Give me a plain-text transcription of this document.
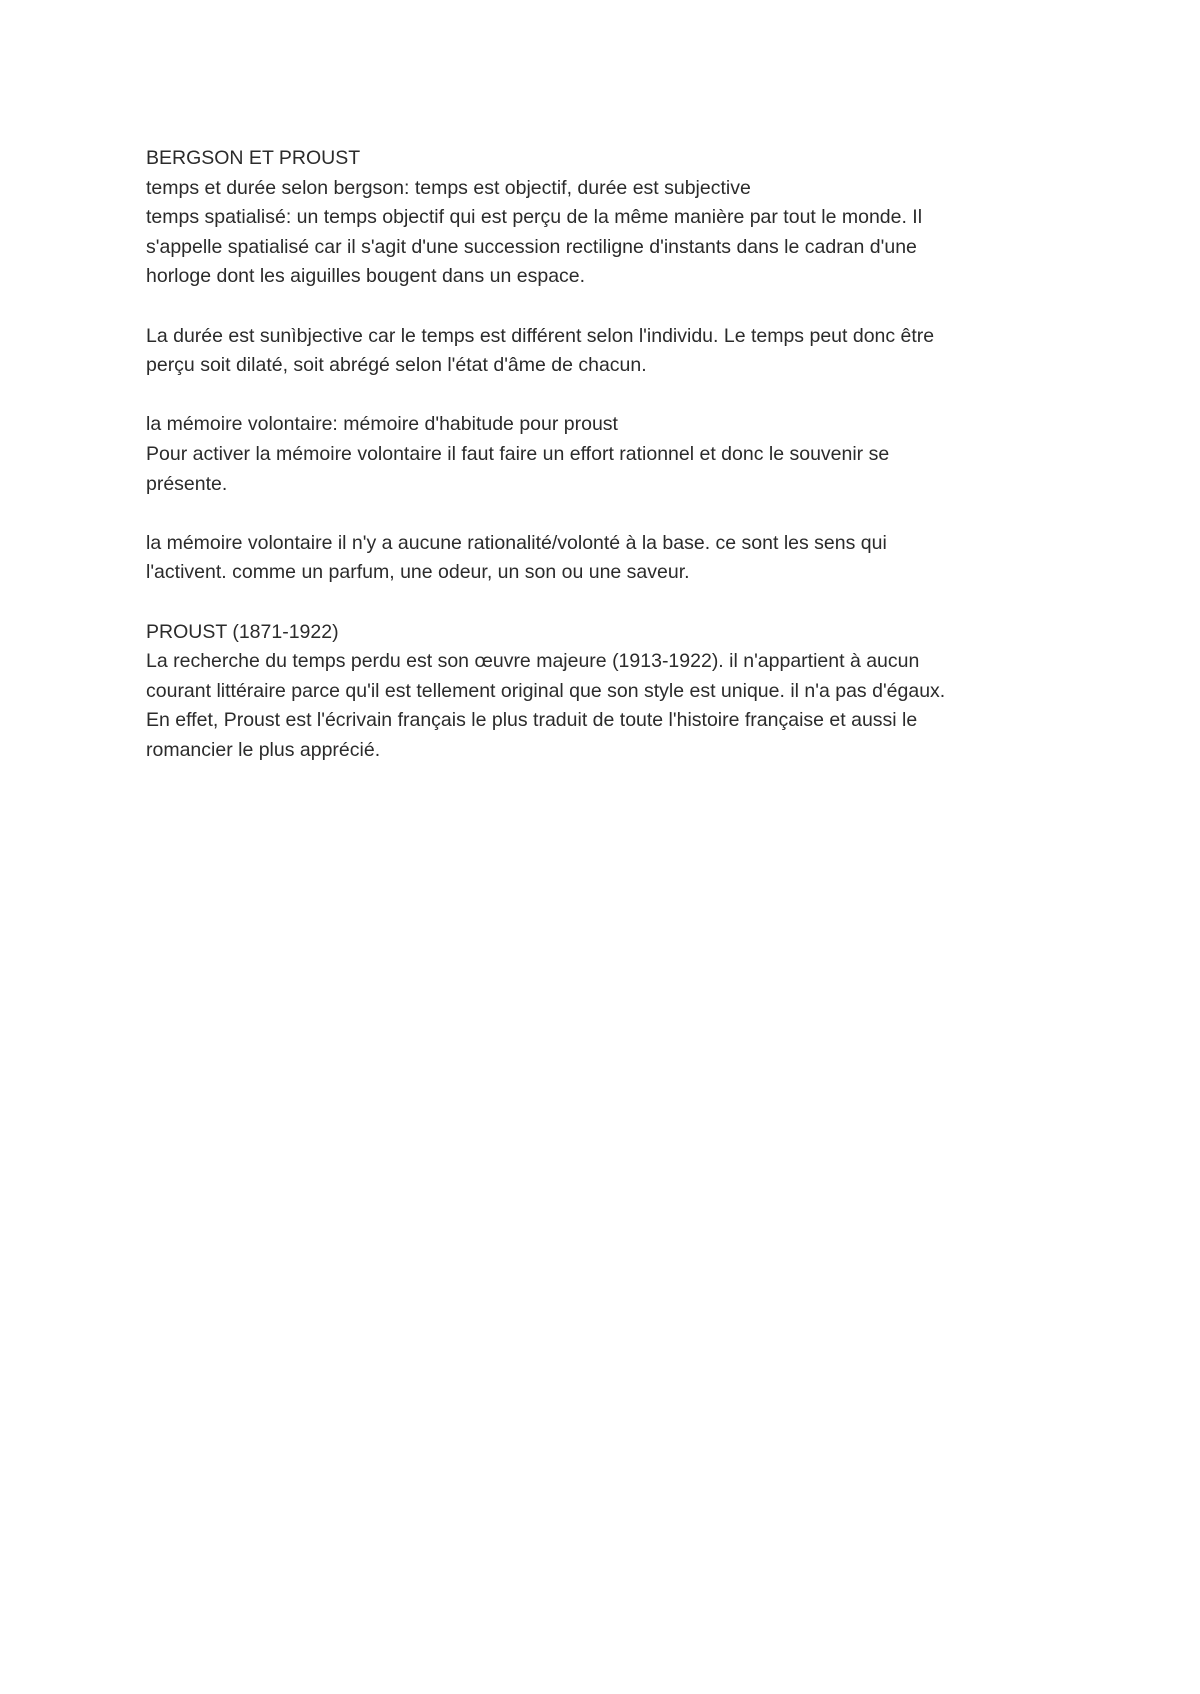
BERGSON ET PROUST
temps et durée selon bergson: temps est objectif, durée est subjective
temps spatialisé: un temps objectif qui est perçu de la même manière par tout le monde. Il
s'appelle spatialisé car il s'agit d'une succession rectiligne d'instants dans le cadran d'une
horloge dont les aiguilles bougent dans un espace.
La durée est sunìbjective car le temps est différent selon l'individu. Le temps peut donc être
perçu soit dilaté, soit abrégé selon l'état d'âme de chacun.
la mémoire volontaire: mémoire d'habitude pour proust
Pour activer la mémoire volontaire il faut faire un effort rationnel et donc le souvenir se
présente.
la mémoire volontaire il n'y a aucune rationalité/volonté à la base. ce sont les sens qui
l'activent. comme un parfum, une odeur, un son ou une saveur.
PROUST (1871-1922)
La recherche du temps perdu est son œuvre majeure (1913-1922). il n'appartient à aucun
courant littéraire parce qu'il est tellement original que son style est unique. il n'a pas d'égaux.
En effet, Proust est l'écrivain français le plus traduit de toute l'histoire française et aussi le
romancier le plus apprécié.
